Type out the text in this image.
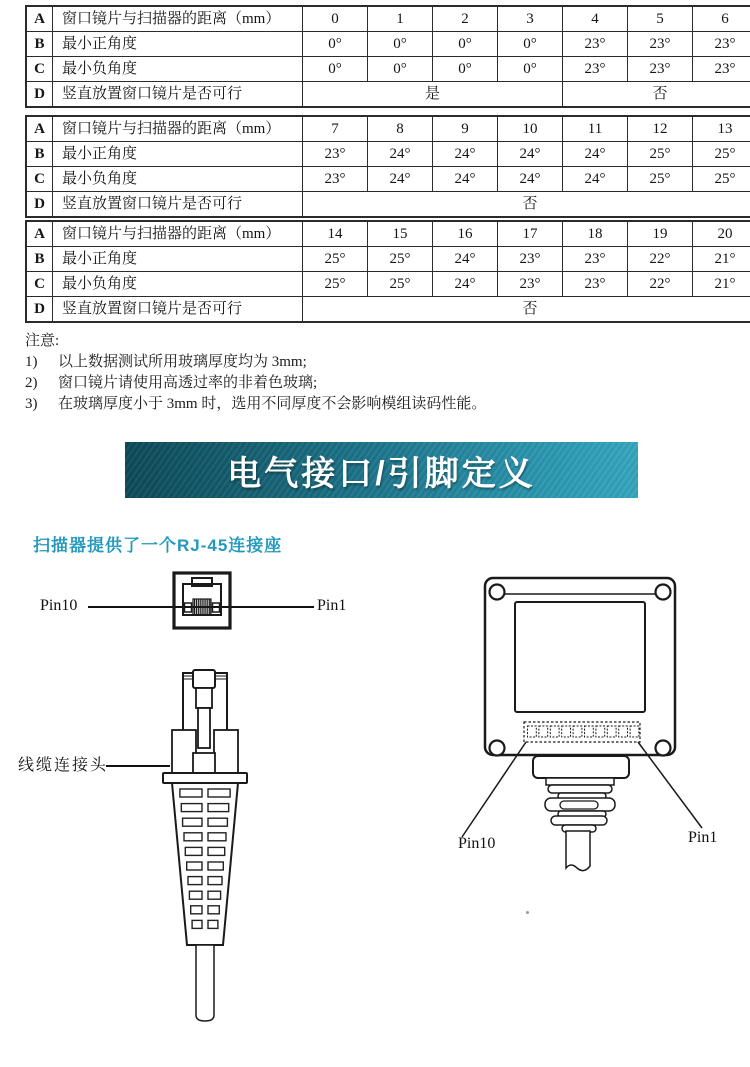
A	窗口镜片与扫描器的距离（mm）	0	1	2	3	4	5	6
B	最小正角度	0°	0°	0°	0°	23°	23°	23°
C	最小负角度	0°	0°	0°	0°	23°	23°	23°
D	竖直放置窗口镜片是否可行	是				否		
A	窗口镜片与扫描器的距离（mm）	7	8	9	10	11	12	13
B	最小正角度	23°	24°	24°	24°	24°	25°	25°
C	最小负角度	23°	24°	24°	24°	24°	25°	25°
D	竖直放置窗口镜片是否可行	否						
A	窗口镜片与扫描器的距离（mm）	14	15	16	17	18	19	20
B	最小正角度	25°	25°	24°	23°	23°	22°	21°
C	最小负角度	25°	25°	24°	23°	23°	22°	21°
D	竖直放置窗口镜片是否可行	否						
注意:
1)	以上数据测试所用玻璃厚度均为 3mm;
2)	窗口镜片请使用高透过率的非着色玻璃;
3)	在玻璃厚度小于 3mm 时，选用不同厚度不会影响模组读码性能。
电气接口/引脚定义
扫描器提供了一个RJ-45连接座
Pin10	Pin1
线缆连接头
Pin10	Pin1
